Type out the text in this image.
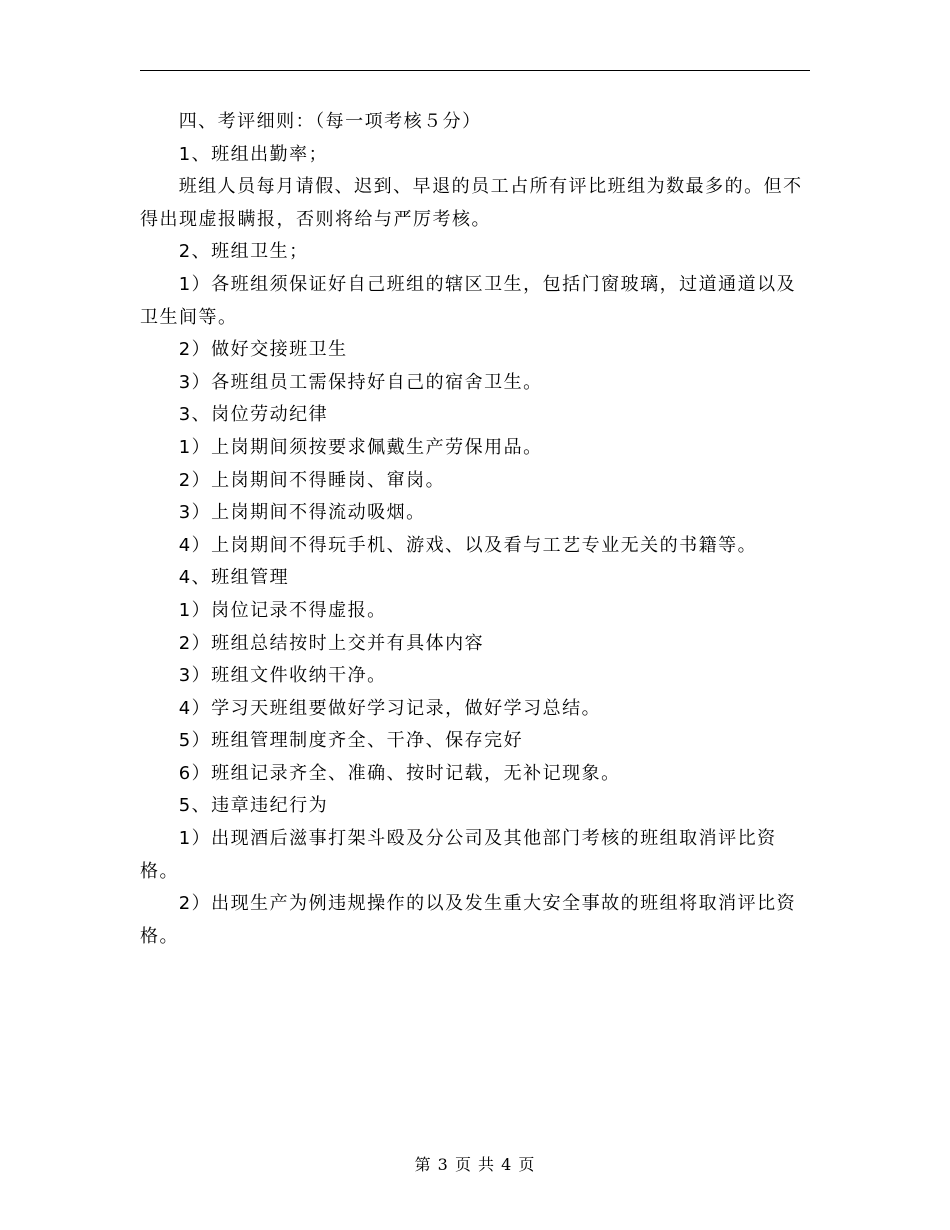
四、考评细则：（每一项考核５分）

1、班组出勤率；

班组人员每月请假、迟到、早退的员工占所有评比班组为数最多的。但不得出现虚报瞒报，否则将给与严厉考核。

2、班组卫生；

1）各班组须保证好自己班组的辖区卫生，包括门窗玻璃，过道通道以及卫生间等。

2）做好交接班卫生

3）各班组员工需保持好自己的宿舍卫生。

3、岗位劳动纪律

1）上岗期间须按要求佩戴生产劳保用品。

2）上岗期间不得睡岗、窜岗。

3）上岗期间不得流动吸烟。

4）上岗期间不得玩手机、游戏、以及看与工艺专业无关的书籍等。

4、班组管理

1）岗位记录不得虚报。

2）班组总结按时上交并有具体内容

3）班组文件收纳干净。

4）学习天班组要做好学习记录，做好学习总结。

5）班组管理制度齐全、干净、保存完好

6）班组记录齐全、准确、按时记载，无补记现象。

5、违章违纪行为

1）出现酒后滋事打架斗殴及分公司及其他部门考核的班组取消评比资格。

2）出现生产为例违规操作的以及发生重大安全事故的班组将取消评比资格。

第 3 页 共 4 页
